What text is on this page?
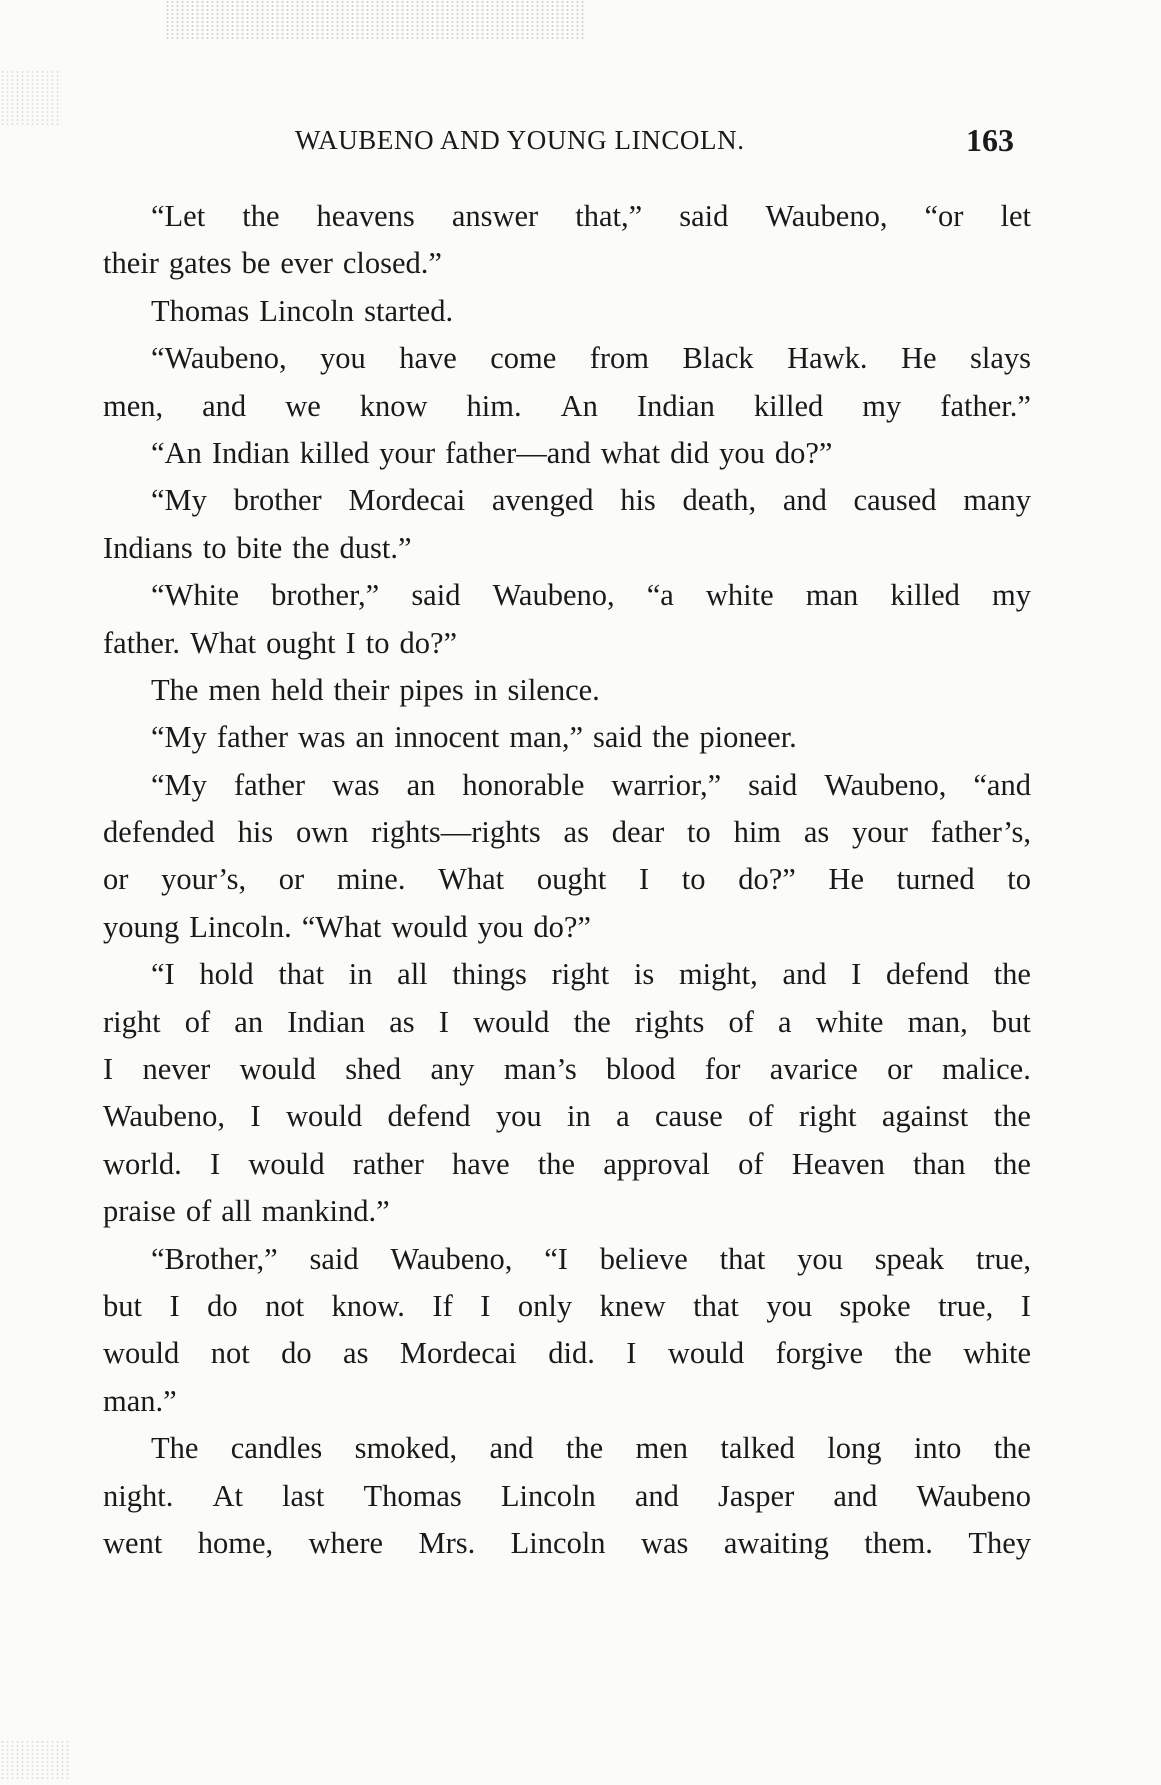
WAUBENO AND YOUNG LINCOLN.	163
“Let the heavens answer that,” said Waubeno, “or let
their gates be ever closed.”
Thomas Lincoln started.
“Waubeno, you have come from Black Hawk. He slays
men, and we know him. An Indian killed my father.”
“An Indian killed your father—and what did you do?”
“My brother Mordecai avenged his death, and caused many
Indians to bite the dust.”
“White brother,” said Waubeno, “a white man killed my
father. What ought I to do?”
The men held their pipes in silence.
“My father was an innocent man,” said the pioneer.
“My father was an honorable warrior,” said Waubeno, “and
defended his own rights—rights as dear to him as your father’s,
or your’s, or mine. What ought I to do?” He turned to
young Lincoln. “What would you do?”
“I hold that in all things right is might, and I defend the
right of an Indian as I would the rights of a white man, but
I never would shed any man’s blood for avarice or malice.
Waubeno, I would defend you in a cause of right against the
world. I would rather have the approval of Heaven than the
praise of all mankind.”
“Brother,” said Waubeno, “I believe that you speak true,
but I do not know. If I only knew that you spoke true, I
would not do as Mordecai did. I would forgive the white
man.”
The candles smoked, and the men talked long into the
night. At last Thomas Lincoln and Jasper and Waubeno
went home, where Mrs. Lincoln was awaiting them. They
